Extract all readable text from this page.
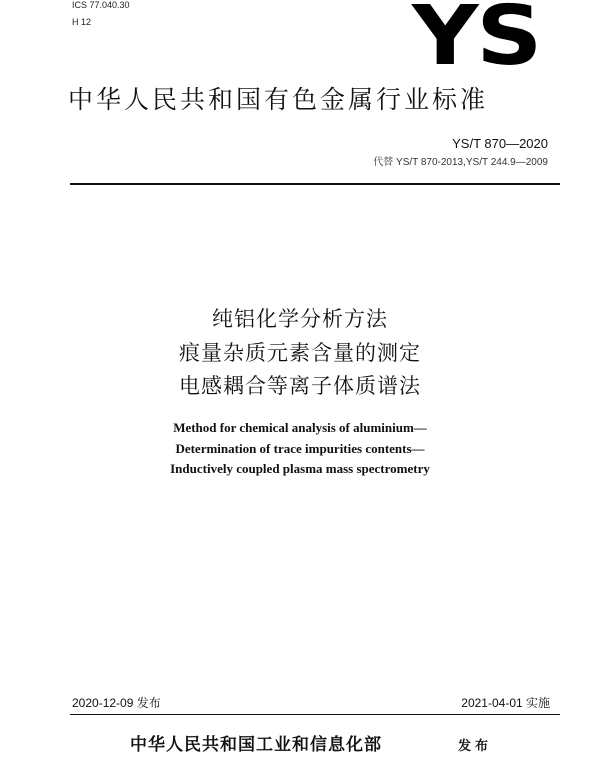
ICS 77.040.30
H 12	YS
中华人民共和国有色金属行业标准
YS/T 870—2020
代替 YS/T 870-2013,YS/T 244.9—2009
纯铝化学分析方法
痕量杂质元素含量的测定
电感耦合等离子体质谱法
Method for chemical analysis of aluminium—
Determination of trace impurities contents—
Inductively coupled plasma mass spectrometry
2020-12-09 发布	2021-04-01 实施
中华人民共和国工业和信息化部	发布
